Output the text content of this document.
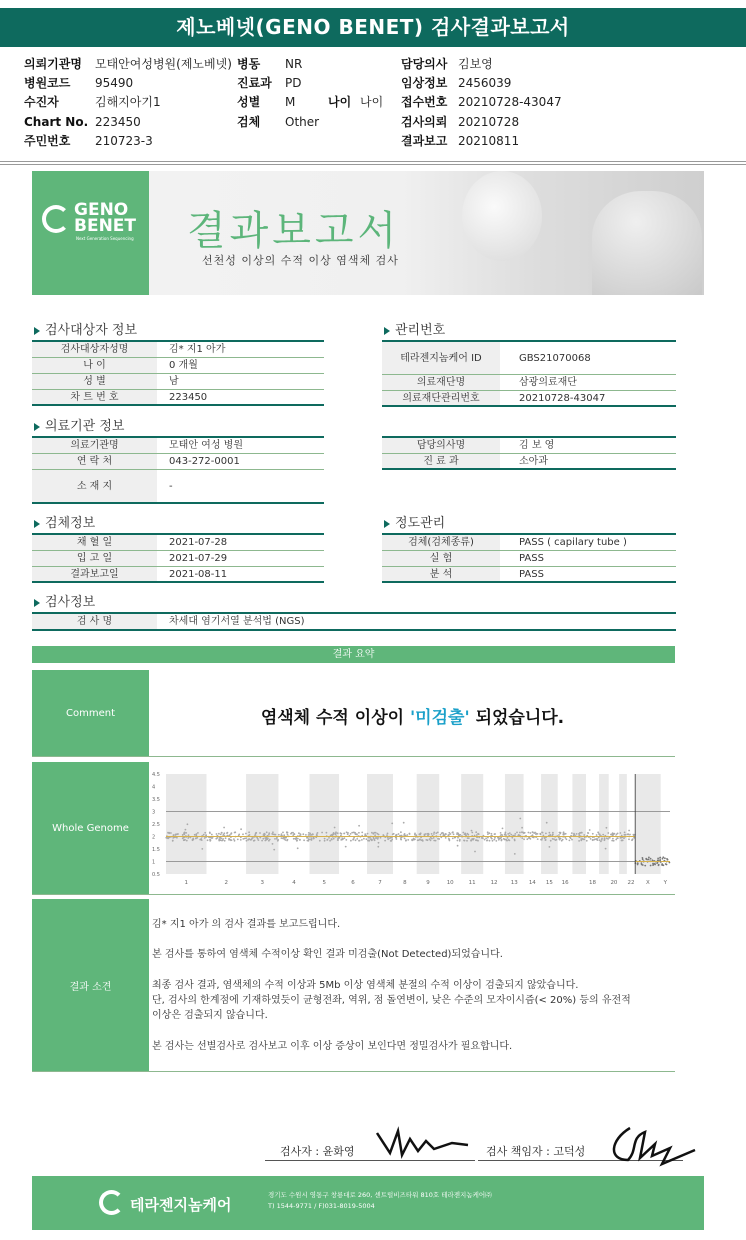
제노베넷(GENO BENET) 검사결과보고서
의뢰기관명 모태안여성병원(제노베넷) 병동 NR	담당의사 김보영
병원코드 95490	진료과 PD	임상정보 2456039
수진자	김해지아기1	성별 M	나이 나이 접수번호 20210728-43047
Chart No. 223450	검체 Other	검사의뢰 20210728
주민번호 210723-3	결과보고 20210811
GENO
BENET
Next Generation Sequencing 결과보고서
선천성 이상의 수적 이상 염색체 검사
검사대상자 정보	관리번호
의료기관 정보
검체정보	정도관리
검사정보
검사대상자성명	김* 지1 아가
나 이	0 개월
성 별	남
차 트 번 호	223450
테라젠지놈케어 ID	GBS21070068
의료재단명	삼광의료재단
의료재단관리번호	20210728-43047
의료기관명	모태안 여성 병원
연 락 처	043-272-0001
소 재 지	-
담당의사명	김 보 영
진 료 과	소아과
채 혈 일	2021-07-28
입 고 일	2021-07-29
결과보고일	2021-08-11
검체(검체종류)	PASS ( capilary tube )
실 험	PASS
분 석	PASS
검 사 명	차세대 염기서열 분석법 (NGS)
결과 요약
Comment	염색체 수적 이상이 '미검출' 되었습니다.
Whole Genome
4.5
4
3.5
3
2.5
2
1.5
1
0.5
1	2	3	4	5	6	7	8	9	10	11	12 13 14 15 16	18	20 22 X	Y
결과 소견
김* 지1 아가 의 검사 결과를 보고드립니다.
본 검사를 통하여 염색체 수적이상 확인 결과 미검출(Not Detected)되었습니다.
최종 검사 결과, 염색체의 수적 이상과 5Mb 이상 염색체 분절의 수적 이상이 검출되지 않았습니다.
단, 검사의 한계점에 기재하였듯이 균형전좌, 역위, 점 돌연변이, 낮은 수준의 모자이시즘(< 20%) 등의 유전적
이상은 검출되지 않습니다.
본 검사는 선별검사로 검사보고 이후 이상 증상이 보인다면 정밀검사가 필요합니다.
검사자 : 윤화영	검사 책임자 : 고덕성
테라젠지놈케어
경기도 수원시 영통구 창룡대로 260, 센트럴비즈타워 810호 테라젠지놈케어㈜
T) 1544-9771 / F)031-8019-5004
